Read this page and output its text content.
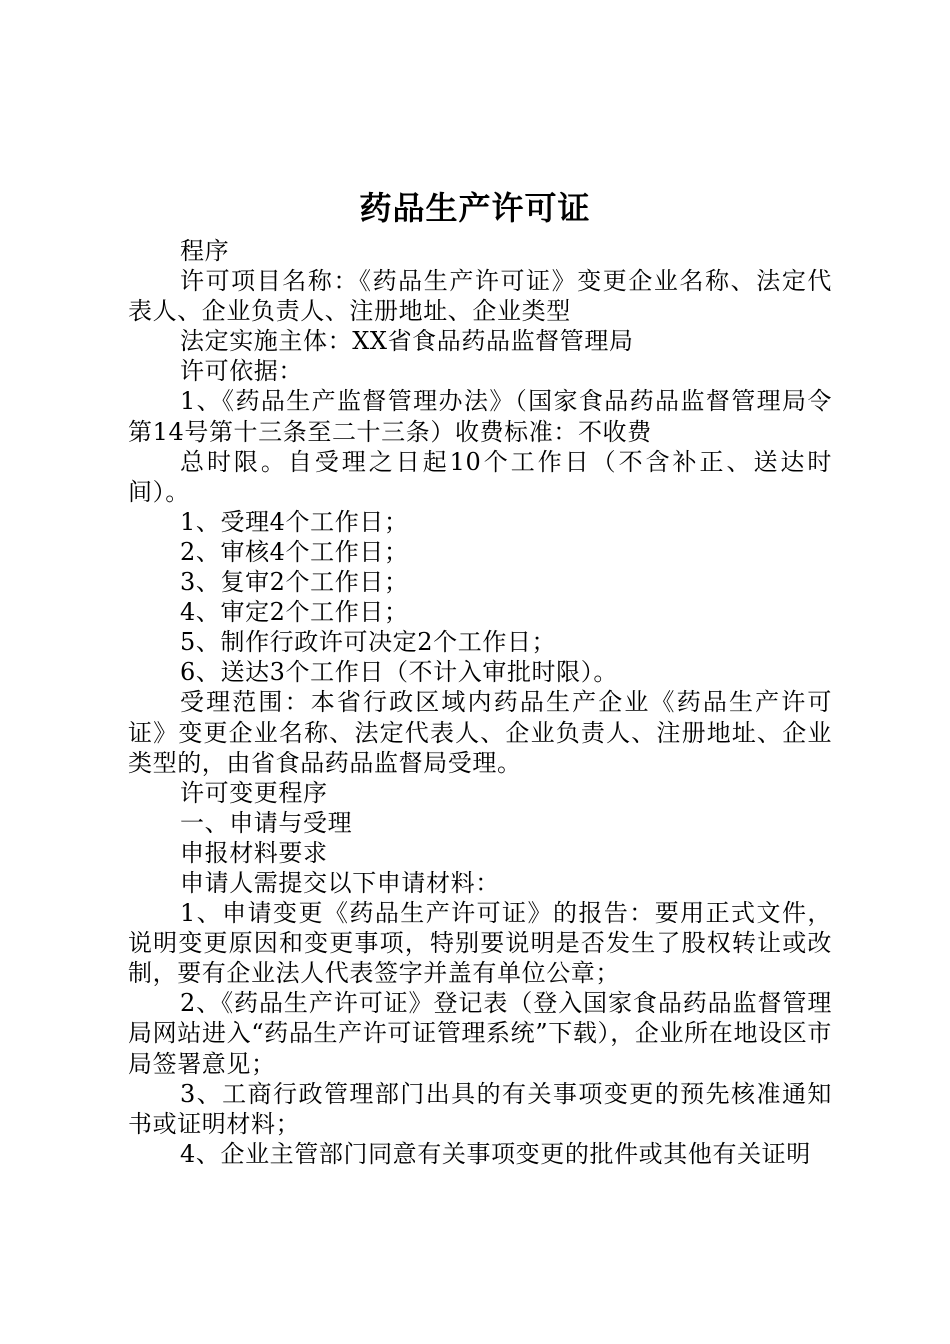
药品生产许可证

程序

许可项目名称：《药品生产许可证》变更企业名称、法定代表人、企业负责人、注册地址、企业类型

法定实施主体：XX省食品药品监督管理局

许可依据：

1、《药品生产监督管理办法》（国家食品药品监督管理局令第14号第十三条至二十三条）收费标准：不收费

总时限。自受理之日起10个工作日（不含补正、送达时间）。

1、受理4个工作日；

2、审核4个工作日；

3、复审2个工作日；

4、审定2个工作日；

5、制作行政许可决定2个工作日；

6、送达3个工作日（不计入审批时限）。

受理范围：本省行政区域内药品生产企业《药品生产许可证》变更企业名称、法定代表人、企业负责人、注册地址、企业类型的，由省食品药品监督局受理。

许可变更程序

一、申请与受理

申报材料要求

申请人需提交以下申请材料：

1、申请变更《药品生产许可证》的报告：要用正式文件，说明变更原因和变更事项，特别要说明是否发生了股权转让或改制，要有企业法人代表签字并盖有单位公章；

2、《药品生产许可证》登记表（登入国家食品药品监督管理局网站进入“药品生产许可证管理系统”下载），企业所在地设区市局签署意见；

3、工商行政管理部门出具的有关事项变更的预先核准通知书或证明材料；

4、企业主管部门同意有关事项变更的批件或其他有关证明
